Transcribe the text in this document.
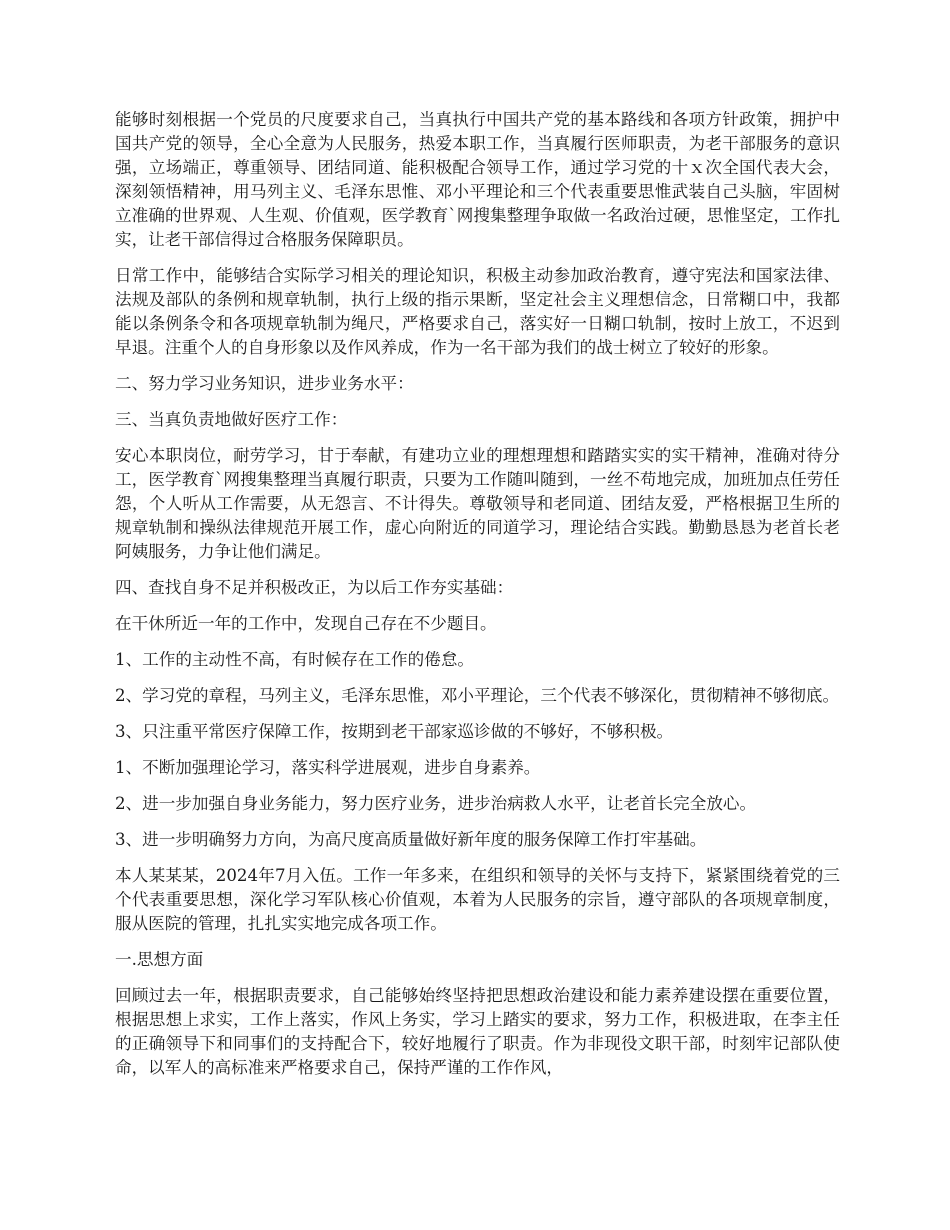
能够时刻根据一个党员的尺度要求自己，当真执行中国共产党的基本路线和各项方针政策，拥护中国共产党的领导，全心全意为人民服务，热爱本职工作，当真履行医师职责，为老干部服务的意识强，立场端正，尊重领导、团结同道、能积极配合领导工作，通过学习党的十ｘ次全国代表大会，深刻领悟精神，用马列主义、毛泽东思惟、邓小平理论和三个代表重要思惟武装自己头脑，牢固树立准确的世界观、人生观、价值观，医学教育`网搜集整理争取做一名政治过硬，思惟坚定，工作扎实，让老干部信得过合格服务保障职员。

日常工作中，能够结合实际学习相关的理论知识，积极主动参加政治教育，遵守宪法和国家法律、法规及部队的条例和规章轨制，执行上级的指示果断，坚定社会主义理想信念，日常糊口中，我都能以条例条令和各项规章轨制为绳尺，严格要求自己，落实好一日糊口轨制，按时上放工，不迟到早退。注重个人的自身形象以及作风养成，作为一名干部为我们的战士树立了较好的形象。

二、努力学习业务知识，进步业务水平：

三、当真负责地做好医疗工作：

安心本职岗位，耐劳学习，甘于奉献，有建功立业的理想理想和踏踏实实的实干精神，准确对待分工，医学教育`网搜集整理当真履行职责，只要为工作随叫随到，一丝不苟地完成，加班加点任劳任怨，个人听从工作需要，从无怨言、不计得失。尊敬领导和老同道、团结友爱，严格根据卫生所的规章轨制和操纵法律规范开展工作，虚心向附近的同道学习，理论结合实践。勤勤恳恳为老首长老阿姨服务，力争让他们满足。

四、查找自身不足并积极改正，为以后工作夯实基础：

在干休所近一年的工作中，发现自己存在不少题目。

1、工作的主动性不高，有时候存在工作的倦怠。

2、学习党的章程，马列主义，毛泽东思惟，邓小平理论，三个代表不够深化，贯彻精神不够彻底。

3、只注重平常医疗保障工作，按期到老干部家巡诊做的不够好，不够积极。

1、不断加强理论学习，落实科学进展观，进步自身素养。

2、进一步加强自身业务能力，努力医疗业务，进步治病救人水平，让老首长完全放心。

3、进一步明确努力方向，为高尺度高质量做好新年度的服务保障工作打牢基础。

本人某某某，2024年7月入伍。工作一年多来，在组织和领导的关怀与支持下，紧紧围绕着党的三个代表重要思想，深化学习军队核心价值观，本着为人民服务的宗旨，遵守部队的各项规章制度，服从医院的管理，扎扎实实地完成各项工作。

一.思想方面

回顾过去一年，根据职责要求，自己能够始终坚持把思想政治建设和能力素养建设摆在重要位置，根据思想上求实，工作上落实，作风上务实，学习上踏实的要求，努力工作，积极进取，在李主任的正确领导下和同事们的支持配合下，较好地履行了职责。作为非现役文职干部，时刻牢记部队使命，以军人的高标准来严格要求自己，保持严谨的工作作风，
